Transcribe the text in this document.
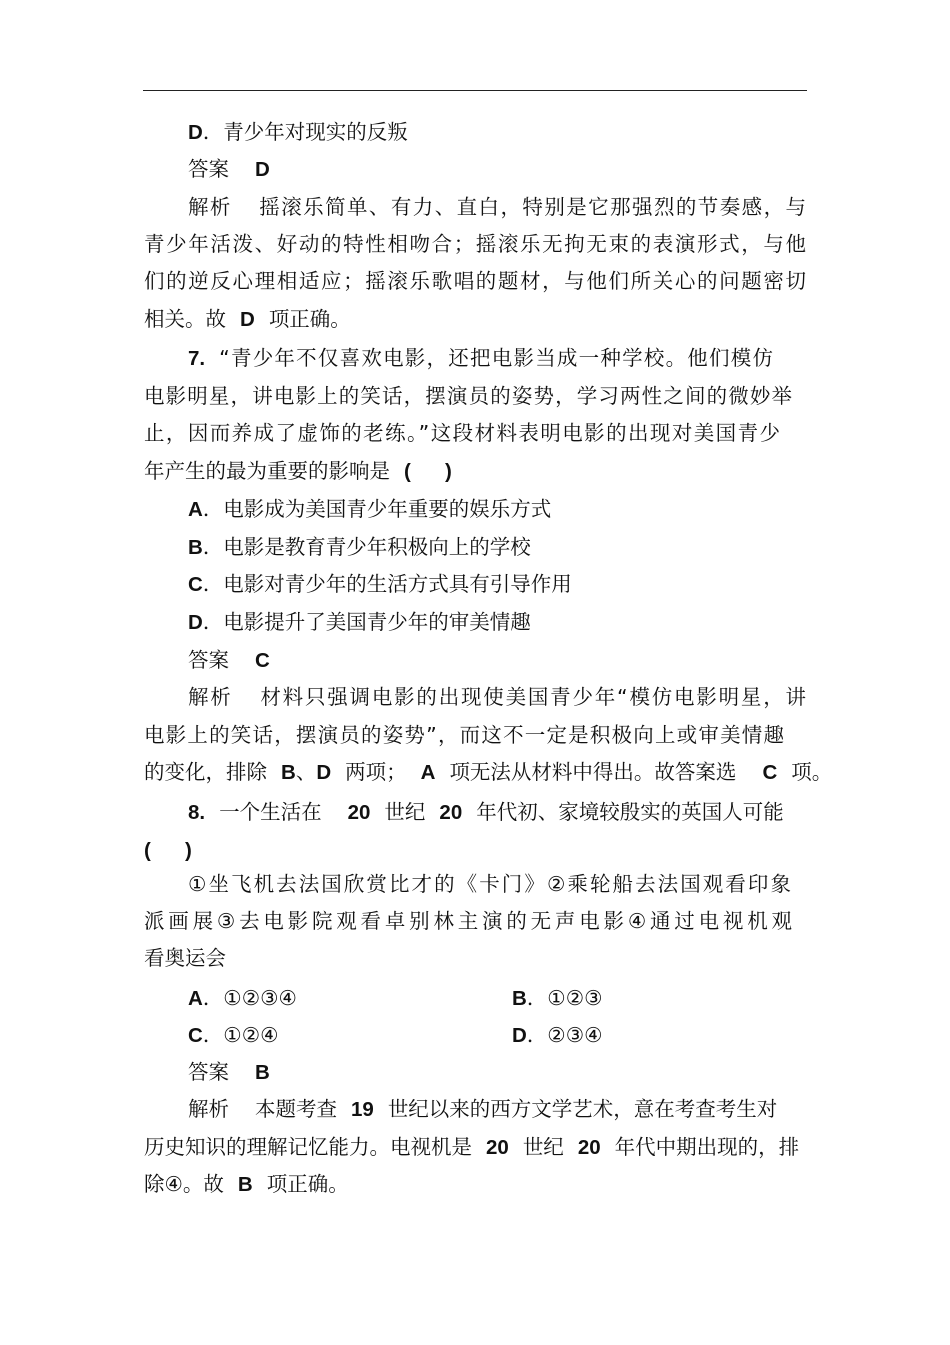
D．青少年对现实的反叛
答案 D
解析 摇滚乐简单、有力、直白，特别是它那强烈的节奏感，与
青少年活泼、好动的特性相吻合；摇滚乐无拘无束的表演形式，与他
们的逆反心理相适应；摇滚乐歌唱的题材，与他们所关心的问题密切
相关。故 D 项正确。
7. “青少年不仅喜欢电影，还把电影当成一种学校。他们模仿
电影明星，讲电影上的笑话，摆演员的姿势，学习两性之间的微妙举
止，因而养成了虚饰的老练。”这段材料表明电影的出现对美国青少
年产生的最为重要的影响是 (      )
A．电影成为美国青少年重要的娱乐方式
B．电影是教育青少年积极向上的学校
C．电影对青少年的生活方式具有引导作用
D．电影提升了美国青少年的审美情趣
答案 C
解析 材料只强调电影的出现使美国青少年“模仿电影明星，讲
电影上的笑话，摆演员的姿势”，而这不一定是积极向上或审美情趣
的变化，排除 B、D 两项； A 项无法从材料中得出。故答案选 C 项。
8. 一个生活在 20 世纪 20 年代初、家境较殷实的英国人可能
(      )
①坐飞机去法国欣赏比才的《卡门》②乘轮船去法国观看印象
派画展③去电影院观看卓别林主演的无声电影④通过电视机观
看奥运会
A．①②③④	B．①②③
C．①②④	D．②③④
答案 B
解析 本题考查 19 世纪以来的西方文学艺术，意在考查考生对
历史知识的理解记忆能力。电视机是 20 世纪 20 年代中期出现的，排
除④。故 B 项正确。
